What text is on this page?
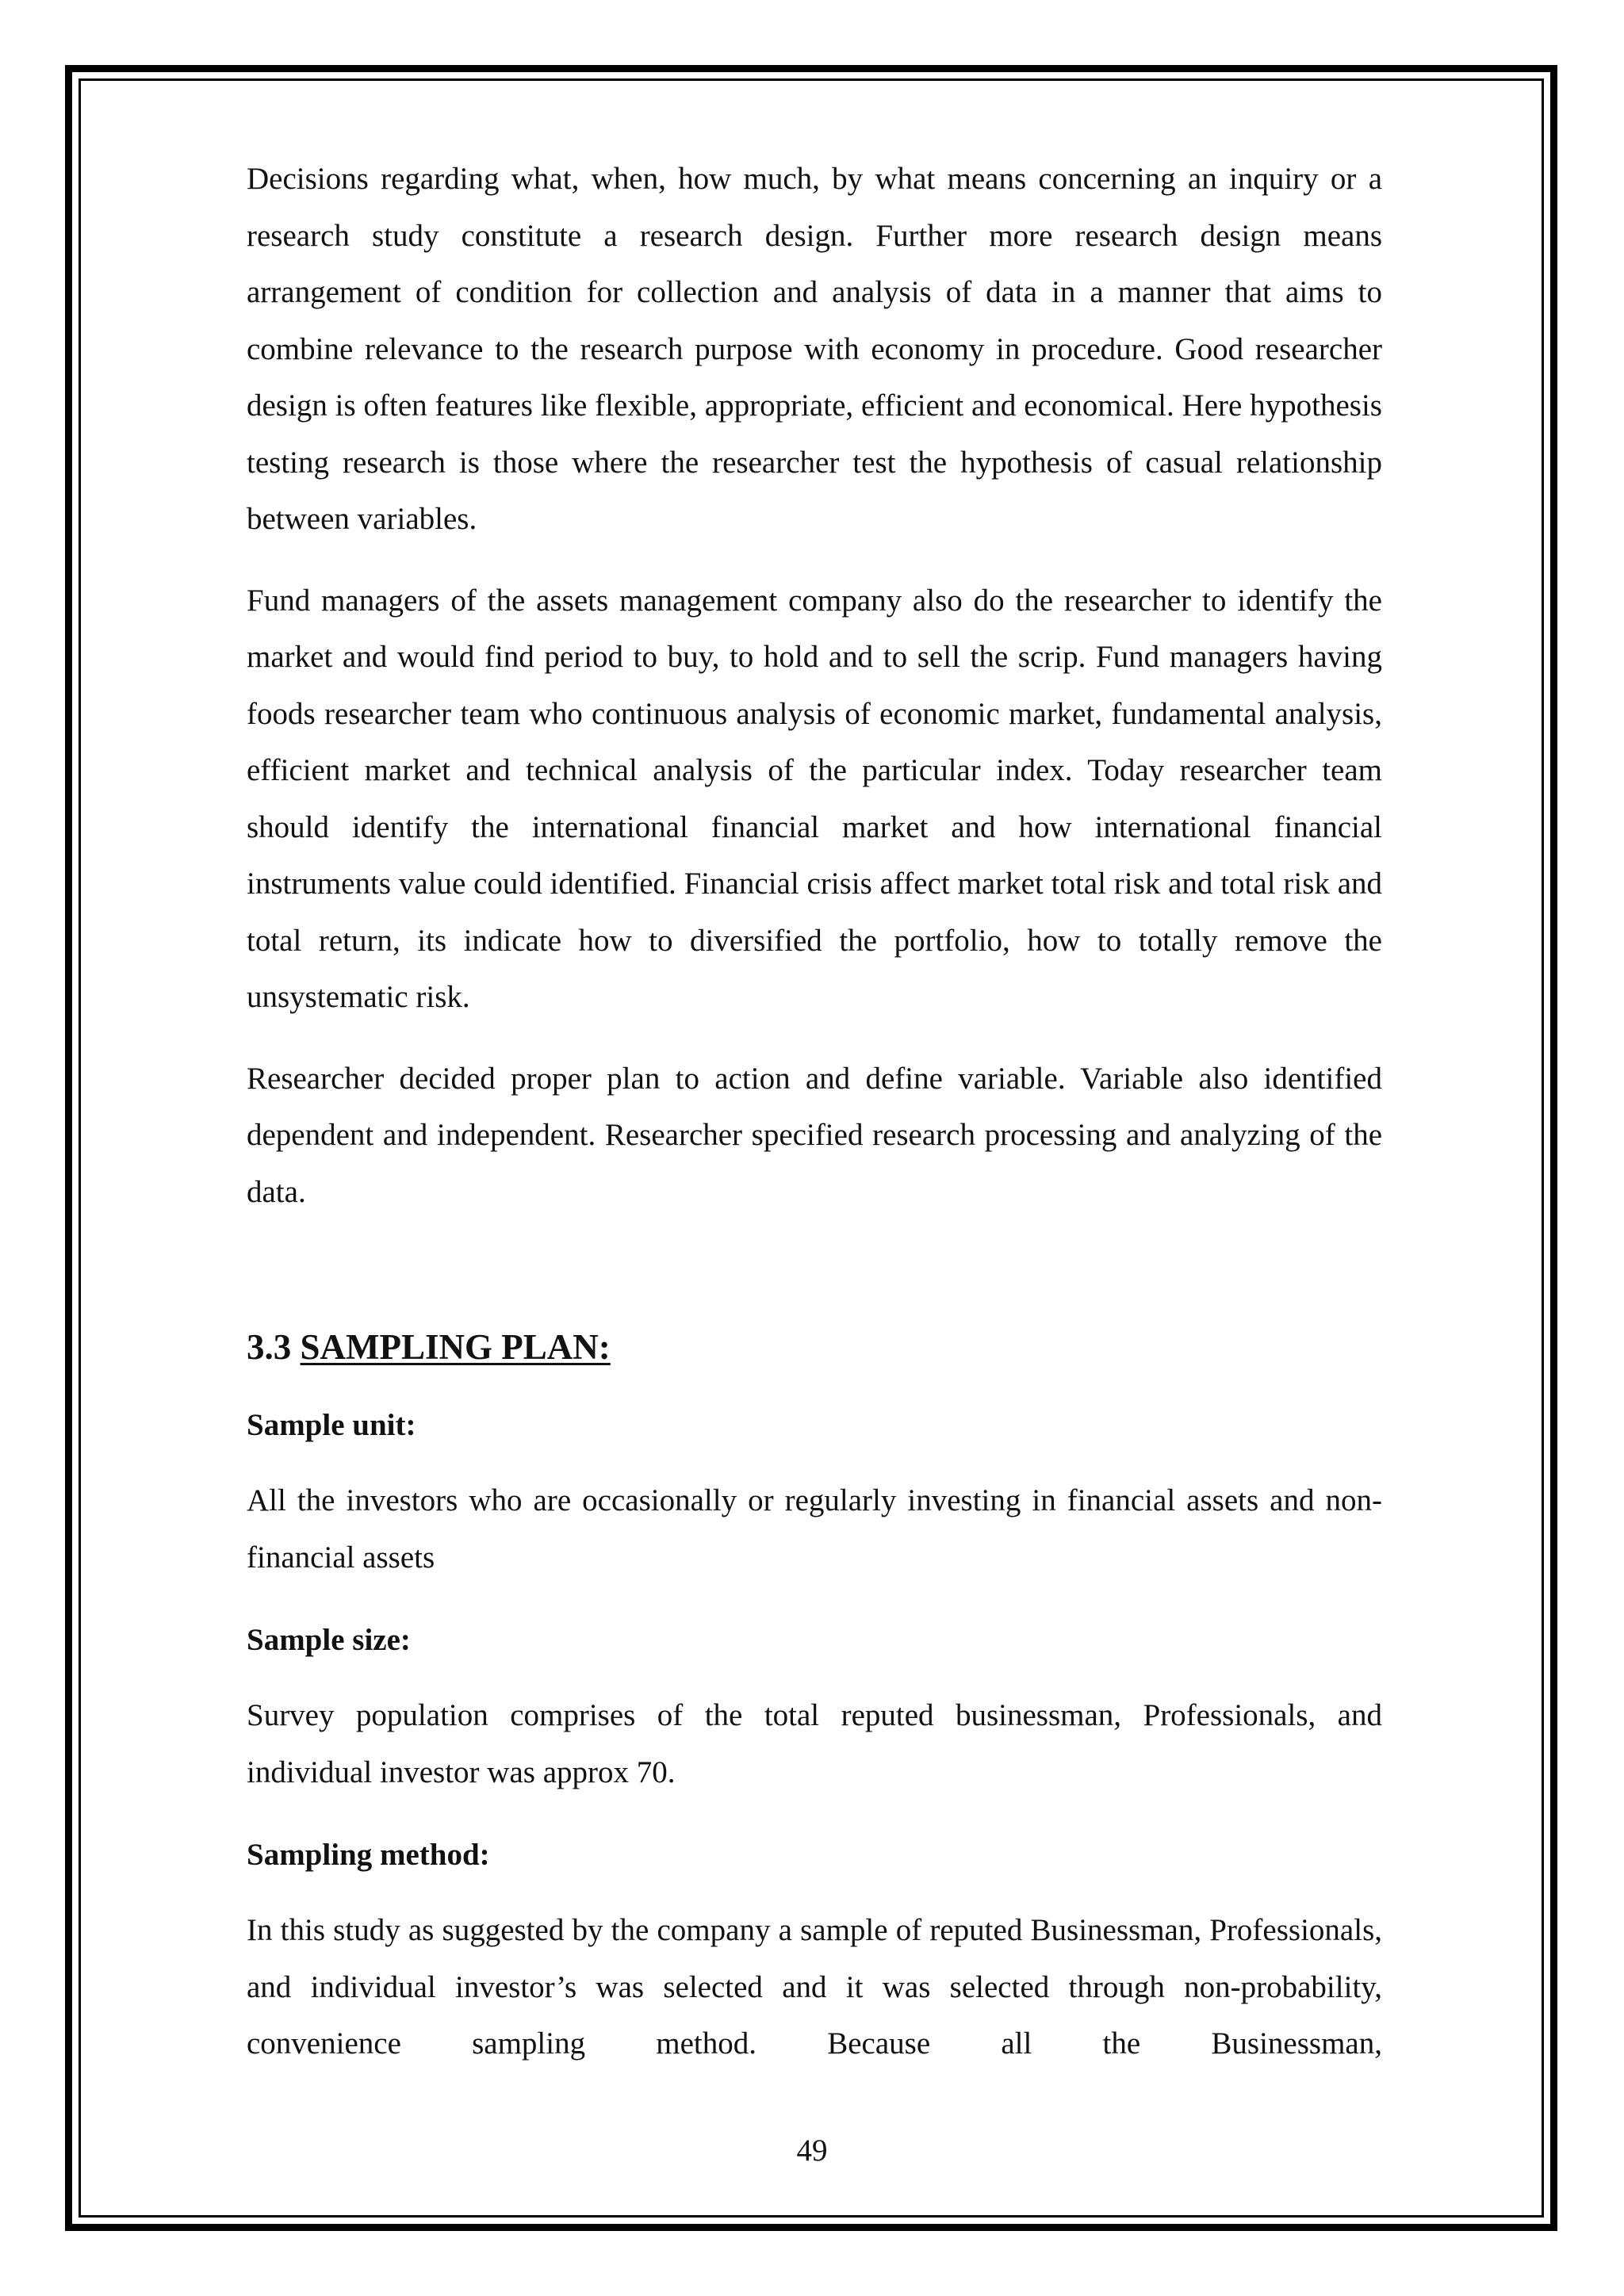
Decisions regarding what, when, how much, by what means concerning an inquiry or a research study constitute a research design. Further more research design means arrangement of condition for collection and analysis of data in a manner that aims to combine relevance to the research purpose with economy in procedure. Good researcher design is often features like flexible, appropriate, efficient and economical. Here hypothesis testing research is those where the researcher test the hypothesis of casual relationship between variables.

Fund managers of the assets management company also do the researcher to identify the market and would find period to buy, to hold and to sell the scrip. Fund managers having foods researcher team who continuous analysis of economic market, fundamental analysis, efficient market and technical analysis of the particular index. Today researcher team should identify the international financial market and how international financial instruments value could identified. Financial crisis affect market total risk and total risk and total return, its indicate how to diversified the portfolio, how to totally remove the unsystematic risk.

Researcher decided proper plan to action and define variable. Variable also identified dependent and independent. Researcher specified research processing and analyzing of the data.

3.3 SAMPLING PLAN:
Sample unit:

All the investors who are occasionally or regularly investing in financial assets and non-financial assets

Sample size:

Survey population comprises of the total reputed businessman, Professionals, and individual investor was approx 70.

Sampling method:

In this study as suggested by the company a sample of reputed Businessman, Professionals, and individual investor’s was selected and it was selected through non-probability, convenience sampling method. Because all the Businessman,

49
